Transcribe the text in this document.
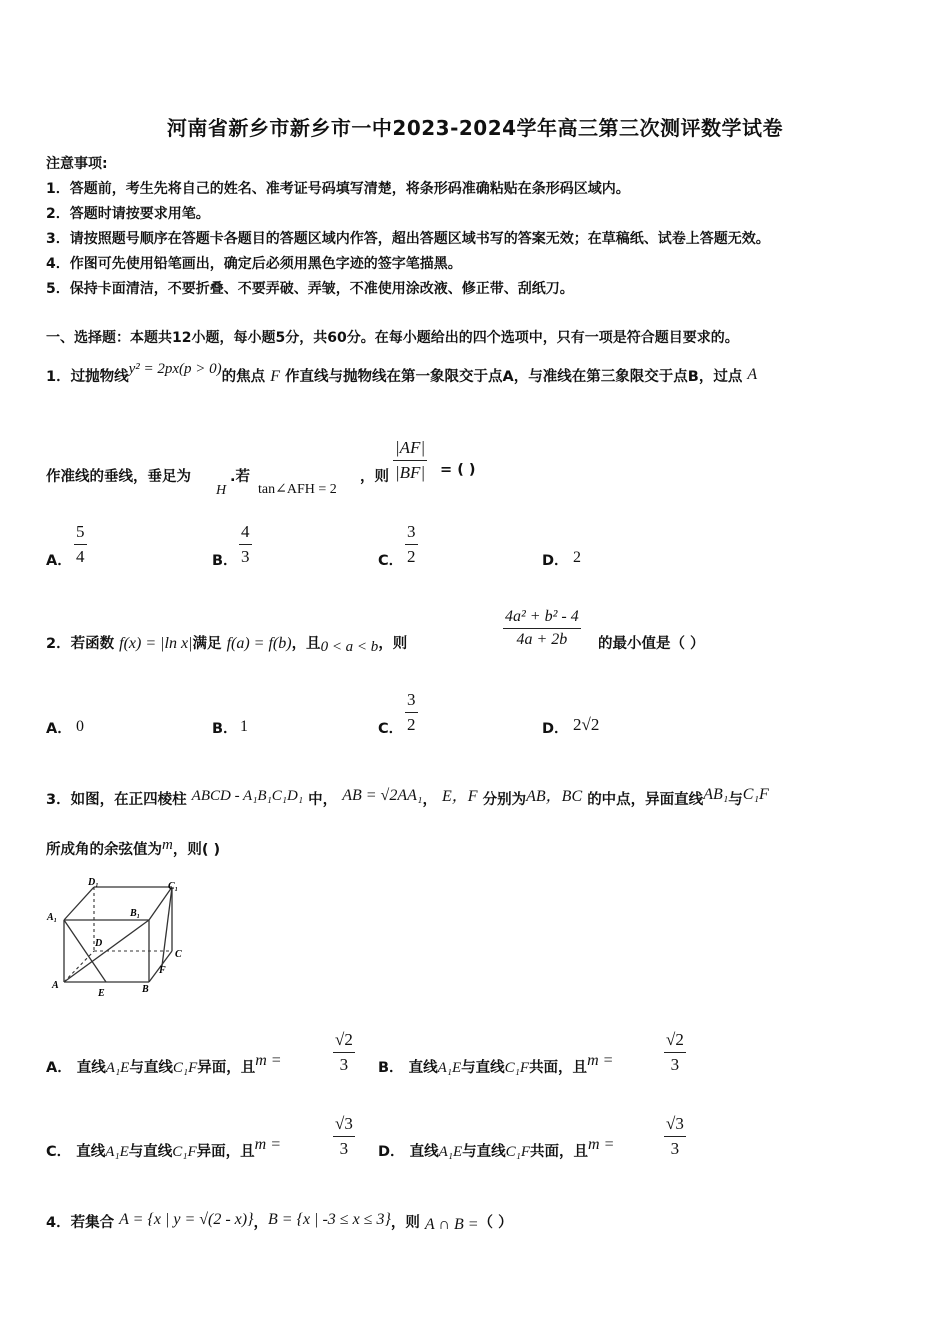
河南省新乡市新乡市一中2023-2024学年高三第三次测评数学试卷
注意事项:
1．答题前，考生先将自己的姓名、准考证号码填写清楚，将条形码准确粘贴在条形码区域内。
2．答题时请按要求用笔。
3．请按照题号顺序在答题卡各题目的答题区域内作答，超出答题区域书写的答案无效；在草稿纸、试卷上答题无效。
4．作图可先使用铅笔画出，确定后必须用黑色字迹的签字笔描黑。
5．保持卡面清洁，不要折叠、不要弄破、弄皱，不准使用涂改液、修正带、刮纸刀。
一、选择题：本题共12小题，每小题5分，共60分。在每小题给出的四个选项中，只有一项是符合题目要求的。
1．过抛物线y² = 2px(p > 0)的焦点 F 作直线与抛物线在第一象限交于点A，与准线在第三象限交于点B，过点 A
作准线的垂线，垂足为
H
.若
tan∠AFH = 2
，则
|AF|
|BF| = ( )
A．
5
4	B．
4
3	C．
3
2	D． 2
2．若函数 f(x) = |ln x|满足 f(a) = f(b)，且0 < a < b，则
4a² + b² - 4
4a + 2b	的最小值是（ ）
A． 0	B． 1	C．
3
2	D． 2√2
3．如图，在正四棱柱 ABCD - A₁B₁C₁D₁ 中， AB = √2AA₁， E，F 分别为AB，BC 的中点，异面直线AB₁与C₁F
所成角的余弦值为m，则( )
D₁	C₁
A₁	B₁
D
C
A
E	B
F
A． 直线A₁E与直线C₁F异面，且m =
√2
3	B． 直线A₁E与直线C₁F共面，且m =
√2
3
C． 直线A₁E与直线C₁F异面，且m =
√3
3	D． 直线A₁E与直线C₁F共面，且m =
√3
3
4．若集合 A = {x | y = √(2 - x)}，B = {x | -3 ≤ x ≤ 3}，则 A ∩ B =（ ）
